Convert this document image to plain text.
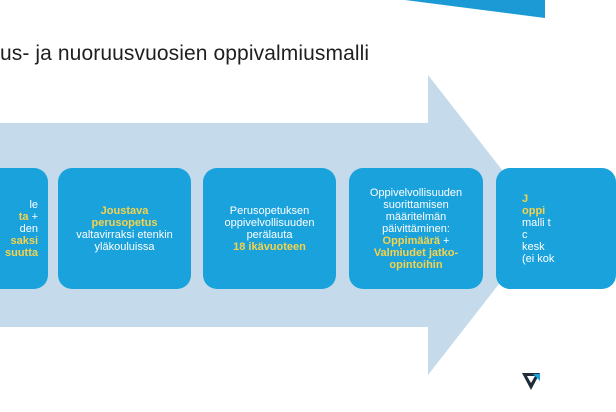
us- ja nuoruusvuosien oppivalmiusmalli
le
ta +
den
saksi
suutta
Joustava
perusopetus
valtavirraksi etenkin
yläkouluissa
Perusopetuksen
oppivelvollisuuden
perälauta
18 ikävuoteen
Oppivelvollisuuden
suorittamisen
määritelmän
päivittäminen:
Oppimäärä +
Valmiudet jatko-
opintoihin
J
oppi
malli t
c
kesk
(ei kok
